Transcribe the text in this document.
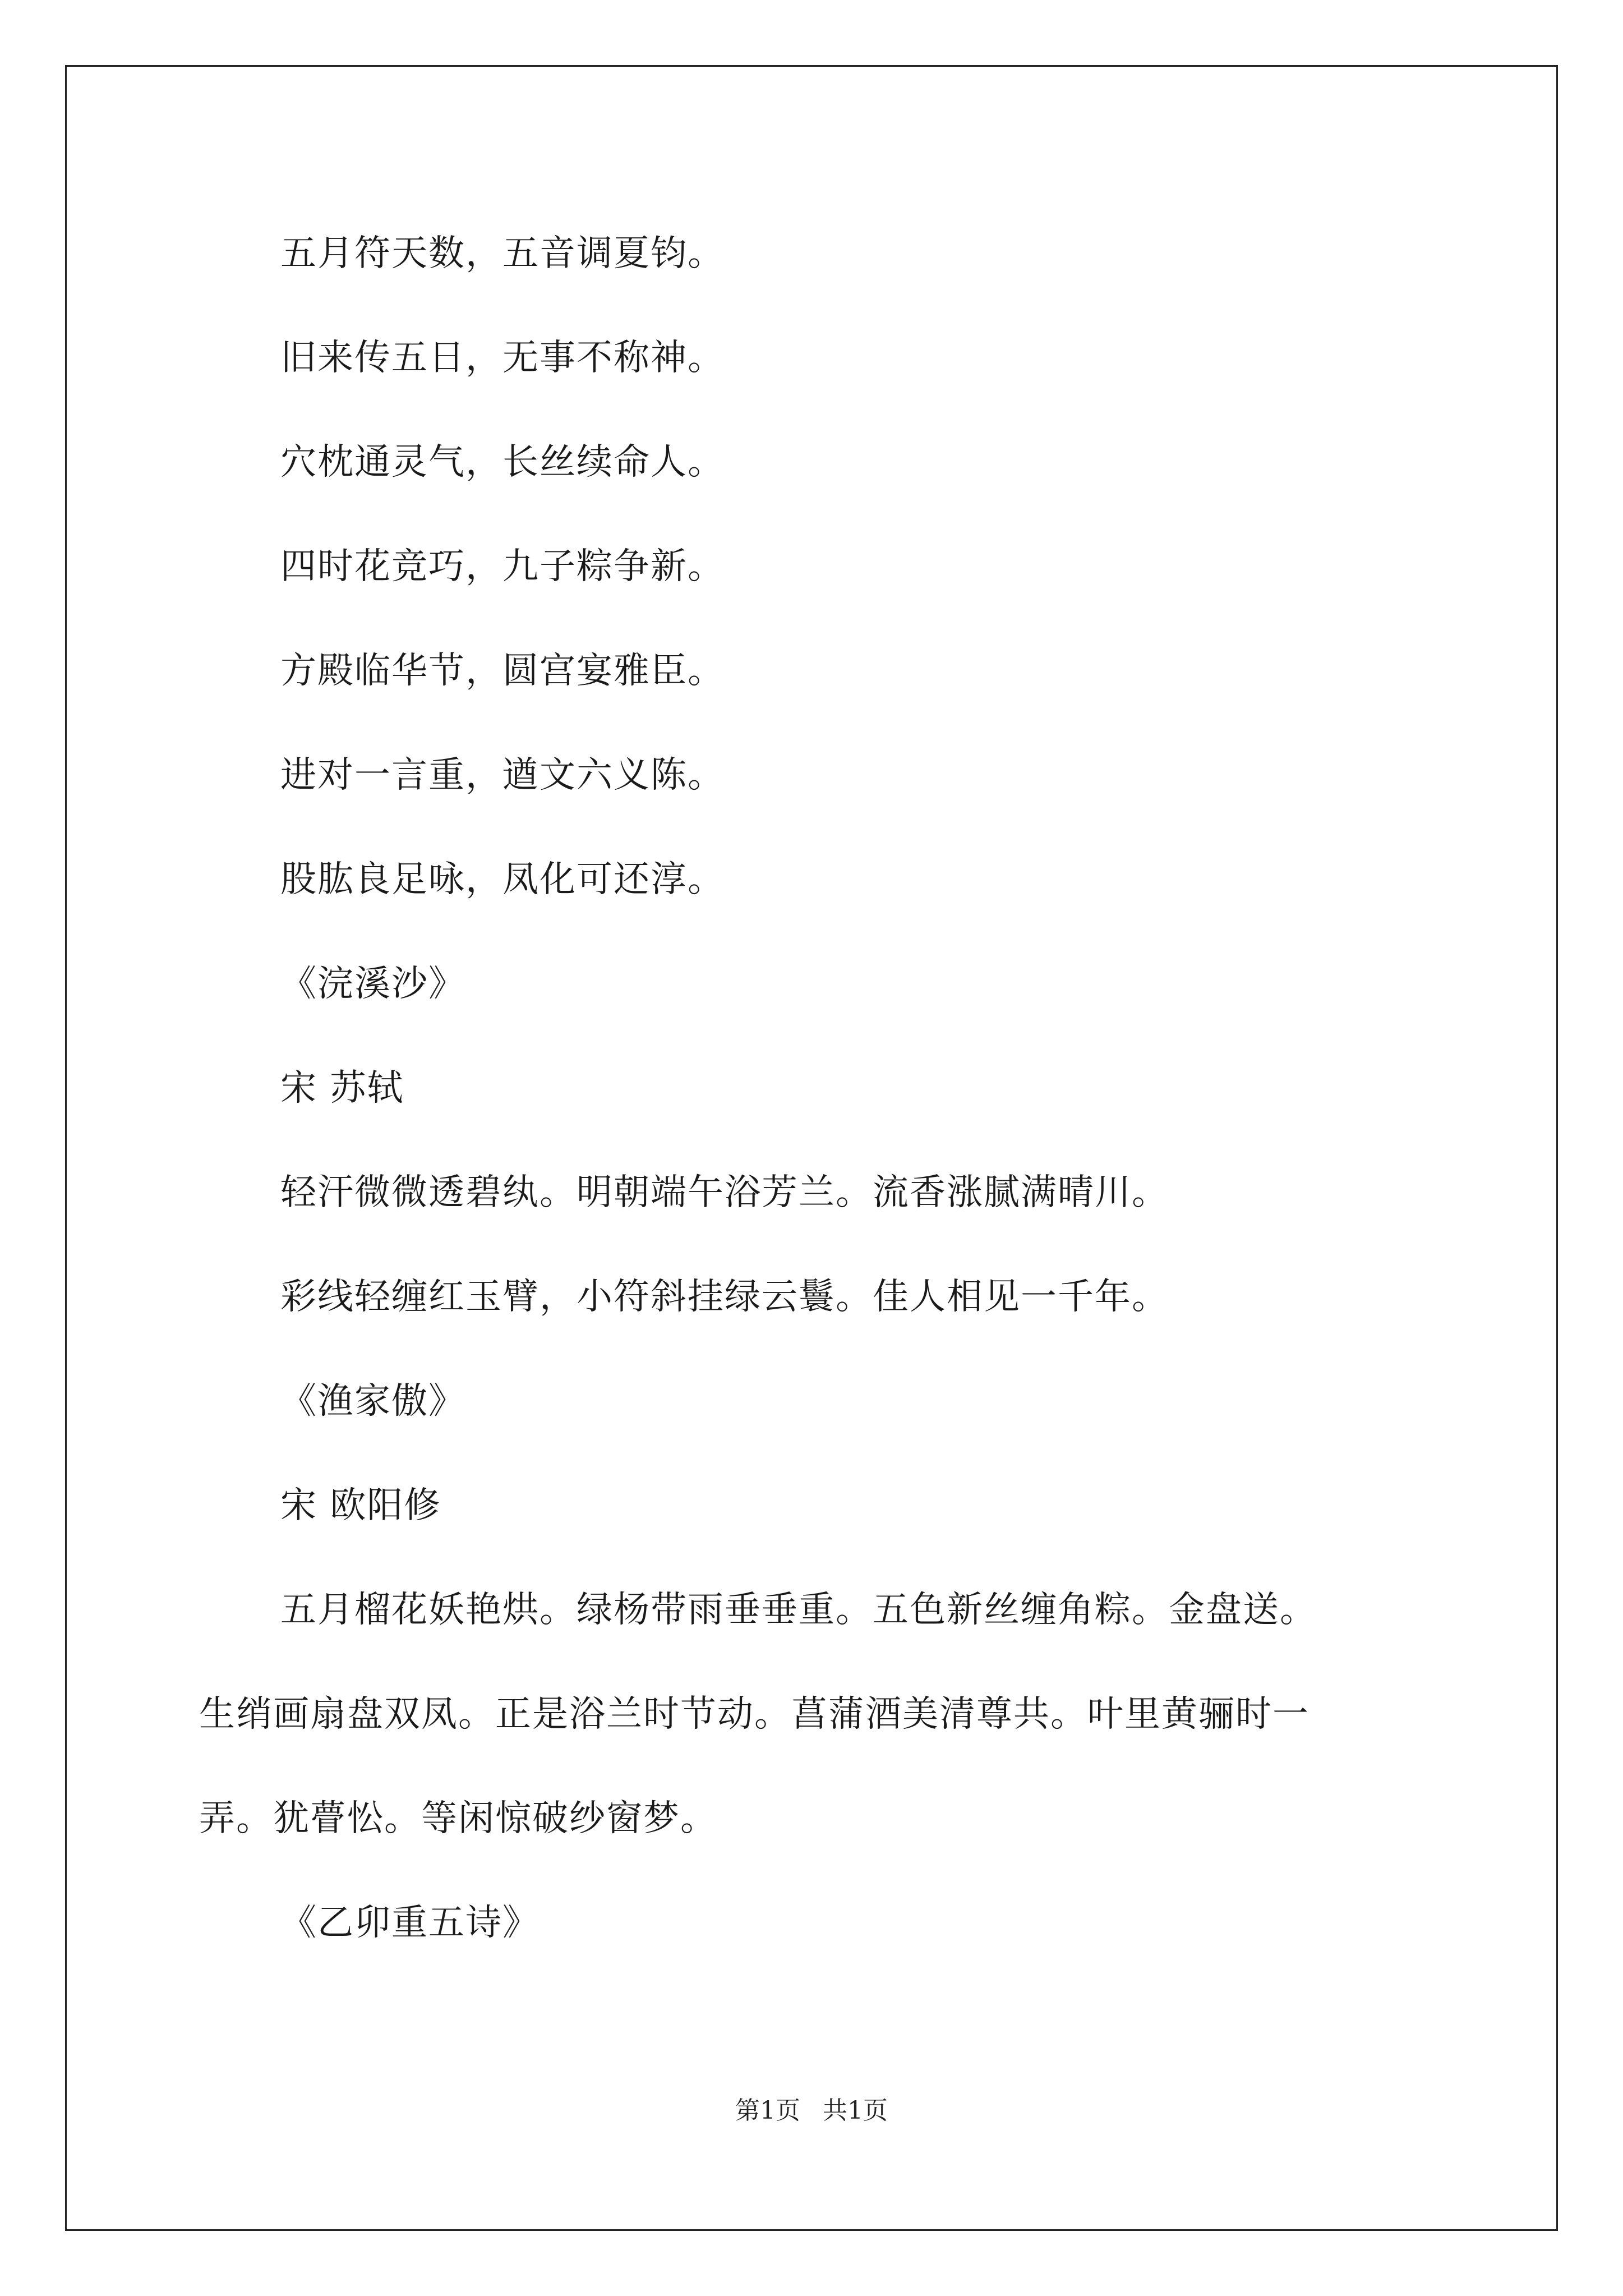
五月符天数，五音调夏钧。
旧来传五日，无事不称神。
穴枕通灵气，长丝续命人。
四时花竞巧，九子粽争新。
方殿临华节，圆宫宴雅臣。
进对一言重，遒文六义陈。
股肱良足咏，凤化可还淳。
《浣溪沙》
宋 苏轼
轻汗微微透碧纨。明朝端午浴芳兰。流香涨腻满晴川。
彩线轻缠红玉臂，小符斜挂绿云鬟。佳人相见一千年。
《渔家傲》
宋 欧阳修
五月榴花妖艳烘。绿杨带雨垂垂重。五色新丝缠角粽。金盘送。
生绡画扇盘双凤。正是浴兰时节动。菖蒲酒美清尊共。叶里黄骊时一
弄。犹瞢忪。等闲惊破纱窗梦。
《乙卯重五诗》
第1页 共1页
